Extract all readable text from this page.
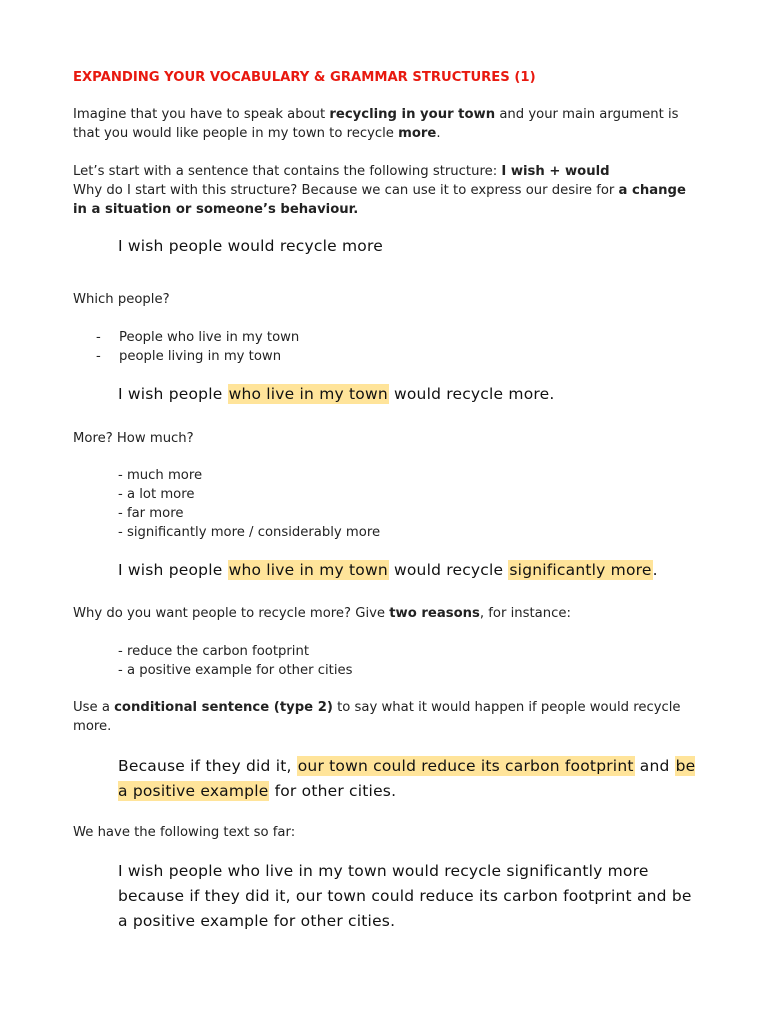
EXPANDING YOUR VOCABULARY & GRAMMAR STRUCTURES (1)
Imagine that you have to speak about recycling in your town and your main argument is that you would like people in my town to recycle more.
Let’s start with a sentence that contains the following structure: I wish + would
Why do I start with this structure? Because we can use it to express our desire for a change in a situation or someone’s behaviour.
I wish people would recycle more
Which people?
- People who live in my town
- people living in my town
I wish people who live in my town would recycle more.
More? How much?
- much more
- a lot more
- far more
- significantly more / considerably more
I wish people who live in my town would recycle significantly more.
Why do you want people to recycle more? Give two reasons, for instance:
- reduce the carbon footprint
- a positive example for other cities
Use a conditional sentence (type 2) to say what it would happen if people would recycle more.
Because if they did it, our town could reduce its carbon footprint and be a positive example for other cities.
We have the following text so far:
I wish people who live in my town would recycle significantly more because if they did it, our town could reduce its carbon footprint and be a positive example for other cities.
